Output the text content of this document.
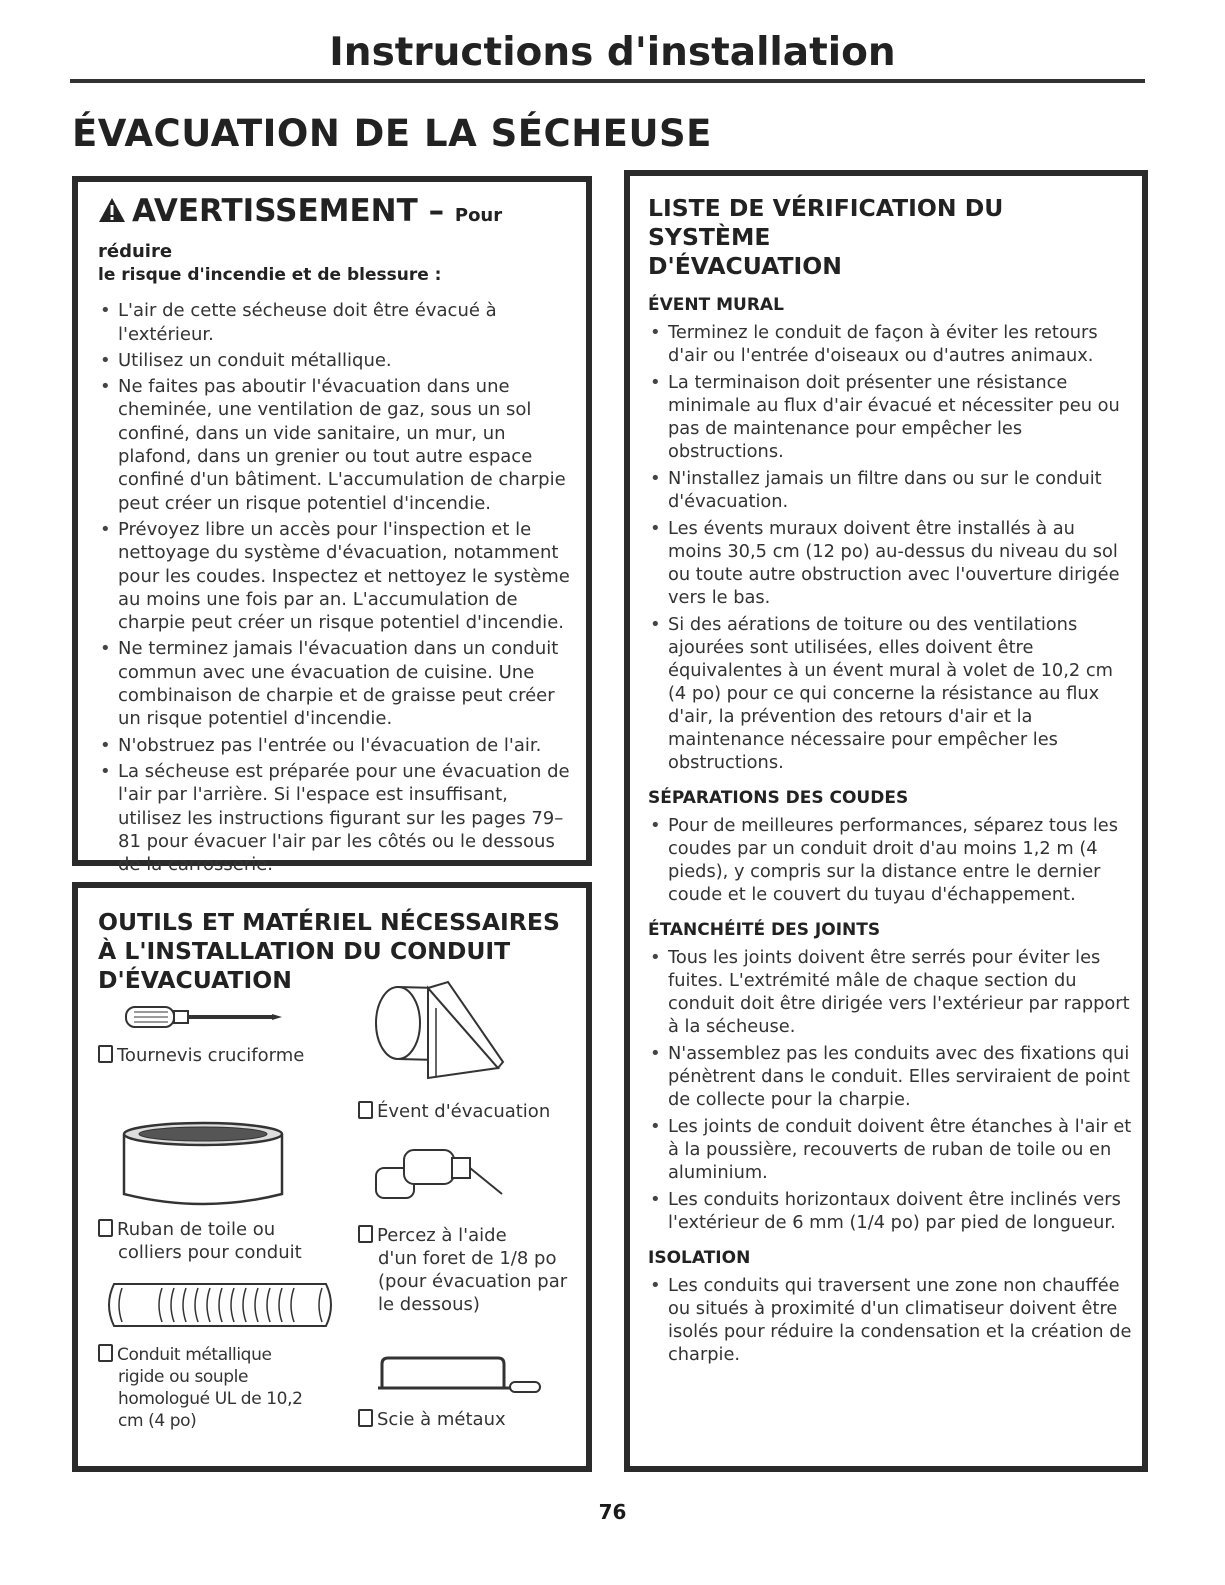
Instructions d'installation
ÉVACUATION DE LA SÉCHEUSE
AVERTISSEMENT – Pour réduire
le risque d'incendie et de blessure :
• L'air de cette sécheuse doit être évacué à l'extérieur.
• Utilisez un conduit métallique.
• Ne faites pas aboutir l'évacuation dans une cheminée, une ventilation de gaz, sous un sol confiné, dans un vide sanitaire, un mur, un plafond, dans un grenier ou tout autre espace confiné d'un bâtiment. L'accumulation de charpie peut créer un risque potentiel d'incendie.
• Prévoyez libre un accès pour l'inspection et le nettoyage du système d'évacuation, notamment pour les coudes. Inspectez et nettoyez le système au moins une fois par an. L'accumulation de charpie peut créer un risque potentiel d'incendie.
• Ne terminez jamais l'évacuation dans un conduit commun avec une évacuation de cuisine. Une combinaison de charpie et de graisse peut créer un risque potentiel d'incendie.
• N'obstruez pas l'entrée ou l'évacuation de l'air.
• La sécheuse est préparée pour une évacuation de l'air par l'arrière. Si l'espace est insuffisant, utilisez les instructions figurant sur les pages 79–81 pour évacuer l'air par les côtés ou le dessous de la carrosserie.
OUTILS ET MATÉRIEL NÉCESSAIRES
À L'INSTALLATION DU CONDUIT
D'ÉVACUATION
Tournevis cruciforme
Évent d'évacuation
Ruban de toile ou
colliers pour conduit
Percez à l'aide
d'un foret de 1/8 po
(pour évacuation par
le dessous)
Conduit métallique
rigide ou souple
homologué UL de 10,2
cm (4 po)	Scie à métaux
LISTE DE VÉRIFICATION DU SYSTÈME
D'ÉVACUATION
ÉVENT MURAL
• Terminez le conduit de façon à éviter les retours d'air ou l'entrée d'oiseaux ou d'autres animaux.
• La terminaison doit présenter une résistance minimale au flux d'air évacué et nécessiter peu ou pas de maintenance pour empêcher les obstructions.
• N'installez jamais un filtre dans ou sur le conduit d'évacuation.
• Les évents muraux doivent être installés à au moins 30,5 cm (12 po) au-dessus du niveau du sol ou toute autre obstruction avec l'ouverture dirigée vers le bas.
• Si des aérations de toiture ou des ventilations ajourées sont utilisées, elles doivent être équivalentes à un évent mural à volet de 10,2 cm (4 po) pour ce qui concerne la résistance au flux d'air, la prévention des retours d'air et la maintenance nécessaire pour empêcher les obstructions.
SÉPARATIONS DES COUDES
• Pour de meilleures performances, séparez tous les coudes par un conduit droit d'au moins 1,2 m (4 pieds), y compris sur la distance entre le dernier coude et le couvert du tuyau d'échappement.
ÉTANCHÉITÉ DES JOINTS
• Tous les joints doivent être serrés pour éviter les fuites. L'extrémité mâle de chaque section du conduit doit être dirigée vers l'extérieur par rapport à la sécheuse.
• N'assemblez pas les conduits avec des fixations qui pénètrent dans le conduit. Elles serviraient de point de collecte pour la charpie.
• Les joints de conduit doivent être étanches à l'air et à la poussière, recouverts de ruban de toile ou en aluminium.
• Les conduits horizontaux doivent être inclinés vers l'extérieur de 6 mm (1/4 po) par pied de longueur.
ISOLATION
• Les conduits qui traversent une zone non chauffée ou situés à proximité d'un climatiseur doivent être isolés pour réduire la condensation et la création de charpie.
76
